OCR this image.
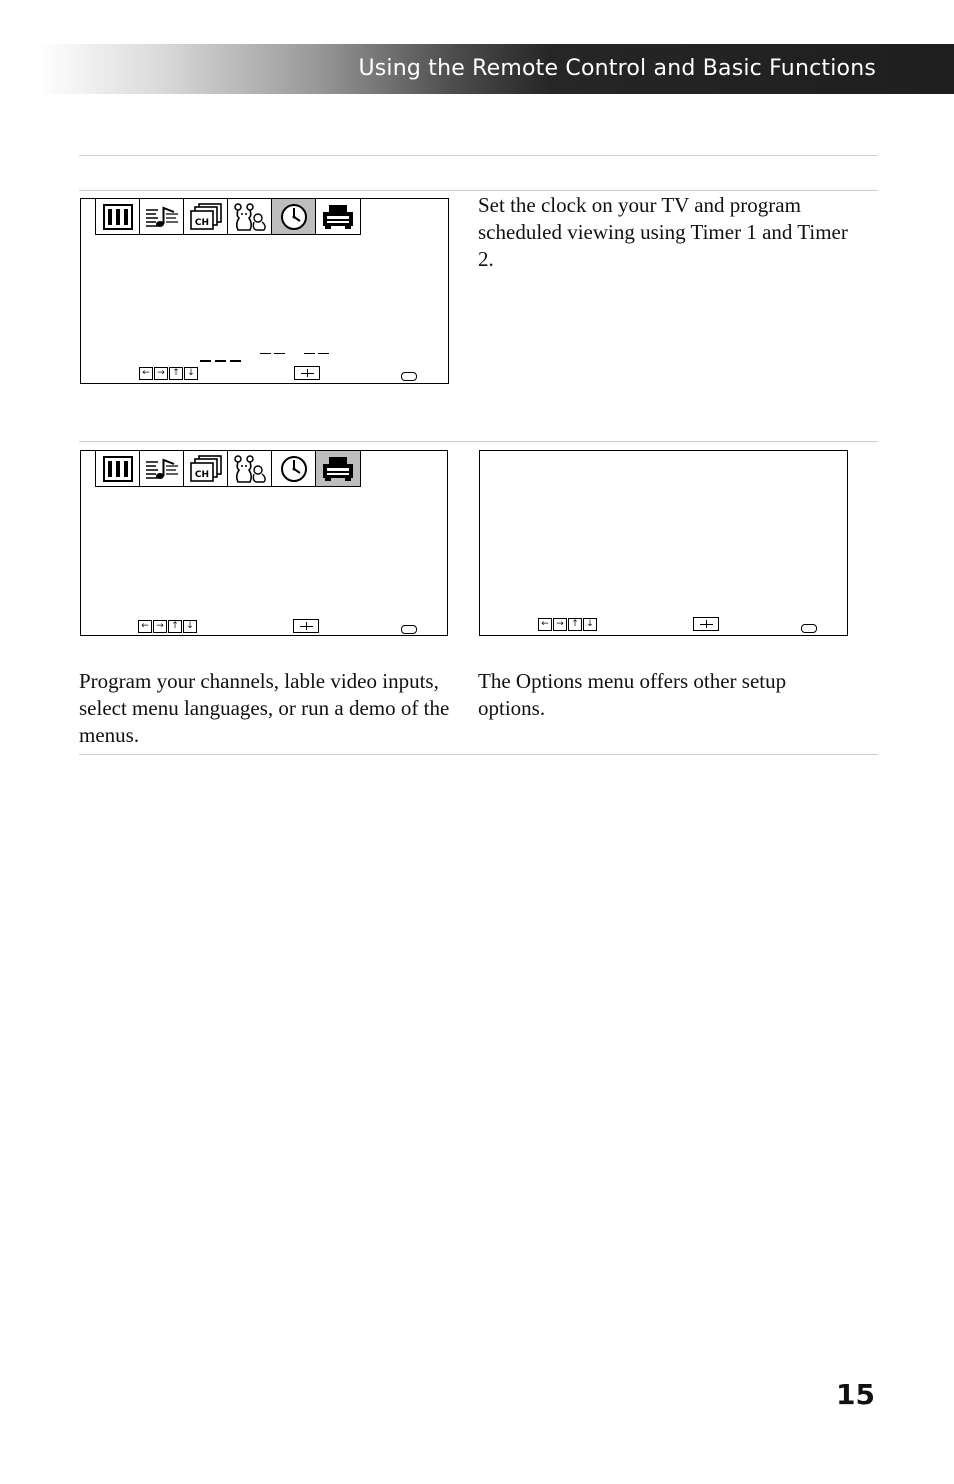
Using the Remote Control and Basic Functions
← → ↑ ↓

Set the clock on your TV and program scheduled viewing using Timer 1 and Timer 2.

← → ↑ ↓	← → ↑ ↓

Program your channels, lable video inputs, select menu languages, or run a demo of the menus.

The Options menu offers other setup options.

15
